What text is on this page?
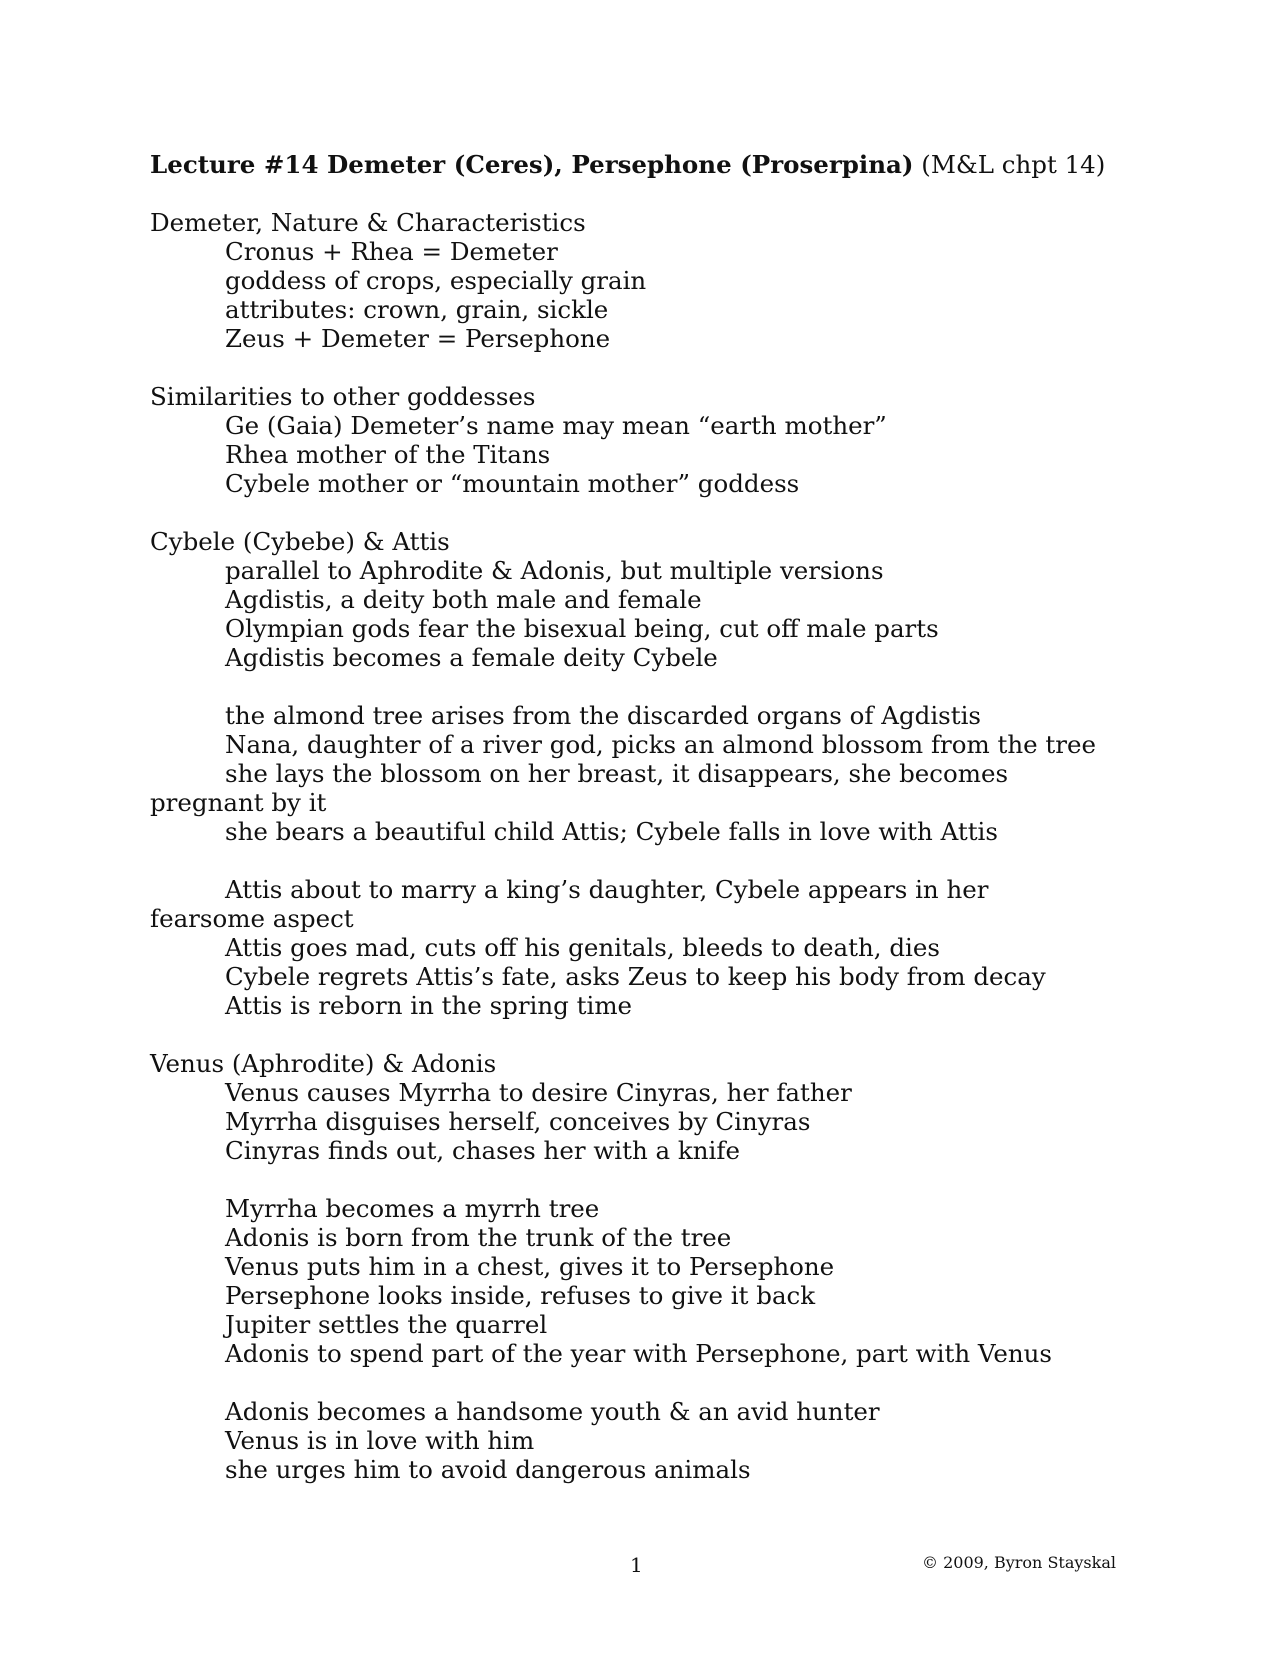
Lecture #14 Demeter (Ceres), Persephone (Proserpina) (M&L chpt 14)

Demeter, Nature & Characteristics

Cronus + Rhea = Demeter

goddess of crops, especially grain

attributes: crown, grain, sickle

Zeus + Demeter = Persephone

Similarities to other goddesses

Ge (Gaia) Demeter’s name may mean “earth mother”

Rhea mother of the Titans

Cybele mother or “mountain mother” goddess

Cybele (Cybebe) & Attis

parallel to Aphrodite & Adonis, but multiple versions

Agdistis, a deity both male and female

Olympian gods fear the bisexual being, cut off male parts

Agdistis becomes a female deity Cybele

the almond tree arises from the discarded organs of Agdistis

Nana, daughter of a river god, picks an almond blossom from the tree

she lays the blossom on her breast, it disappears, she becomes

pregnant by it

she bears a beautiful child Attis; Cybele falls in love with Attis

Attis about to marry a king’s daughter, Cybele appears in her

fearsome aspect

Attis goes mad, cuts off his genitals, bleeds to death, dies

Cybele regrets Attis’s fate, asks Zeus to keep his body from decay

Attis is reborn in the spring time

Venus (Aphrodite) & Adonis

Venus causes Myrrha to desire Cinyras, her father

Myrrha disguises herself, conceives by Cinyras

Cinyras finds out, chases her with a knife

Myrrha becomes a myrrh tree

Adonis is born from the trunk of the tree

Venus puts him in a chest, gives it to Persephone

Persephone looks inside, refuses to give it back

Jupiter settles the quarrel

Adonis to spend part of the year with Persephone, part with Venus

Adonis becomes a handsome youth & an avid hunter

Venus is in love with him

she urges him to avoid dangerous animals

1	© 2009, Byron Stayskal
